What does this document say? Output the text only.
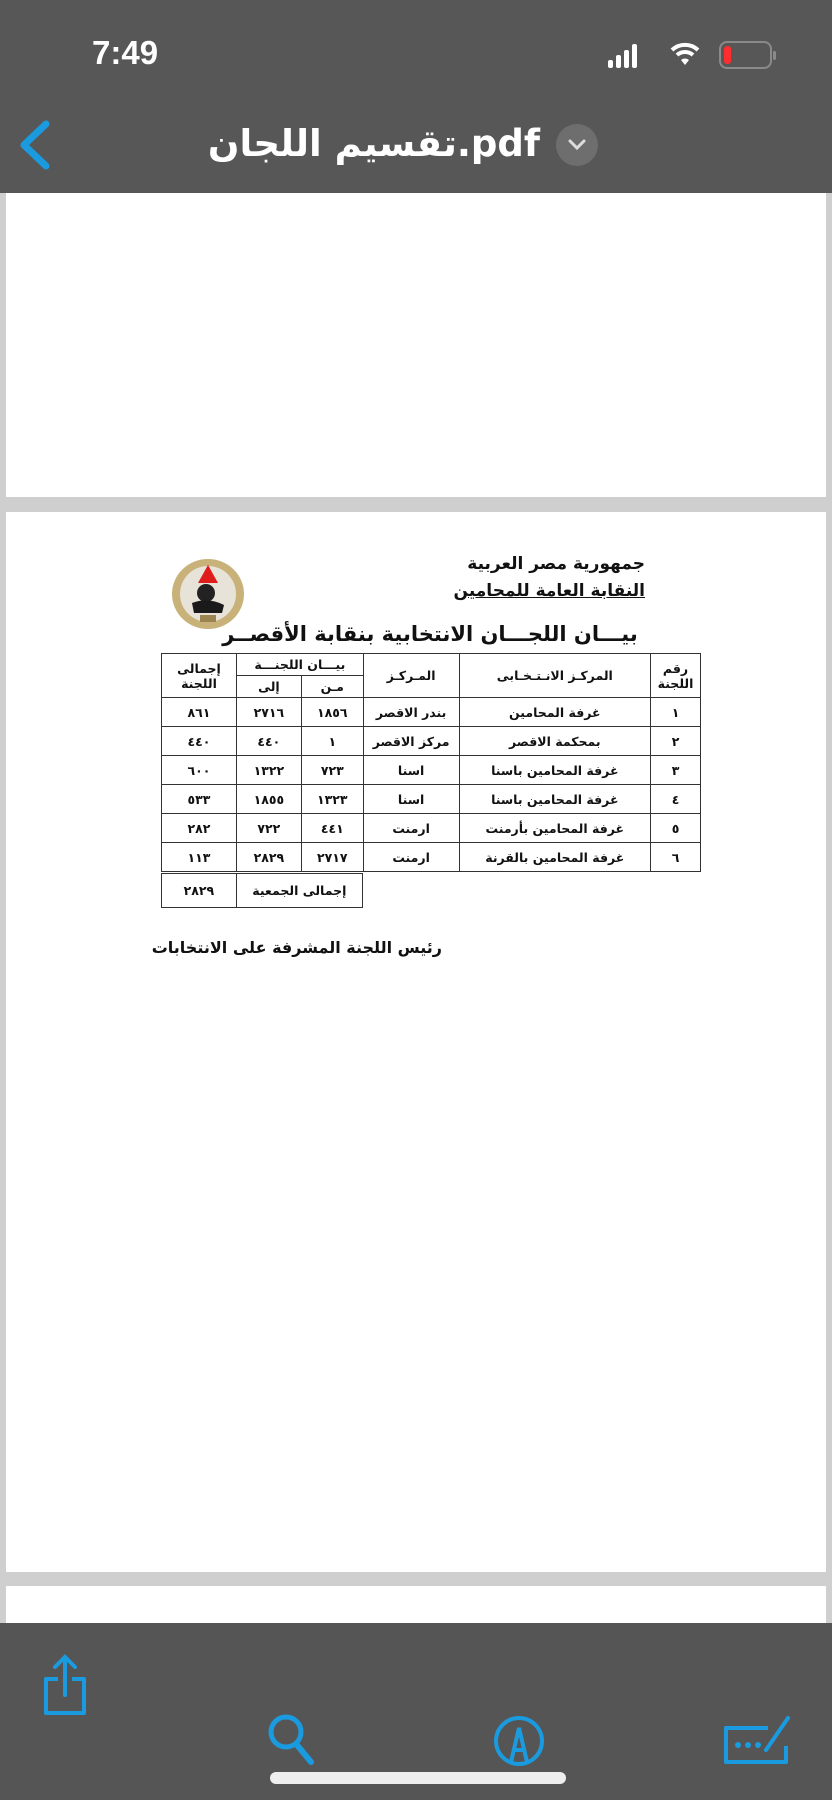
7:49
تقسيم اللجان.pdf
جمهورية مصر العربية
النقابة العامة للمحامين
بيـــان اللجـــان الانتخابية بنقابة الأقصــر
رقم اللجنة	المركـز الانـتـخـابى	المـركـز	بيـــان اللجنـــة		إجمالى اللجنة
			مـن	إلى	
١	غرفة المحامين	بندر الاقصر	١٨٥٦	٢٧١٦	٨٦١
٢	بمحكمة الاقصر	مركز الاقصر	١	٤٤٠	٤٤٠
٣	غرفة المحامين باسنا	اسنا	٧٢٣	١٣٢٢	٦٠٠
٤	غرفة المحامين باسنا	اسنا	١٣٢٣	١٨٥٥	٥٣٣
٥	غرفة المحامين بأرمنت	ارمنت	٤٤١	٧٢٢	٢٨٢
٦	غرفة المحامين بالقرنة	ارمنت	٢٧١٧	٢٨٢٩	١١٣
إجمالى الجمعية	٢٨٢٩
رئيس اللجنة المشرفة على الانتخابات
